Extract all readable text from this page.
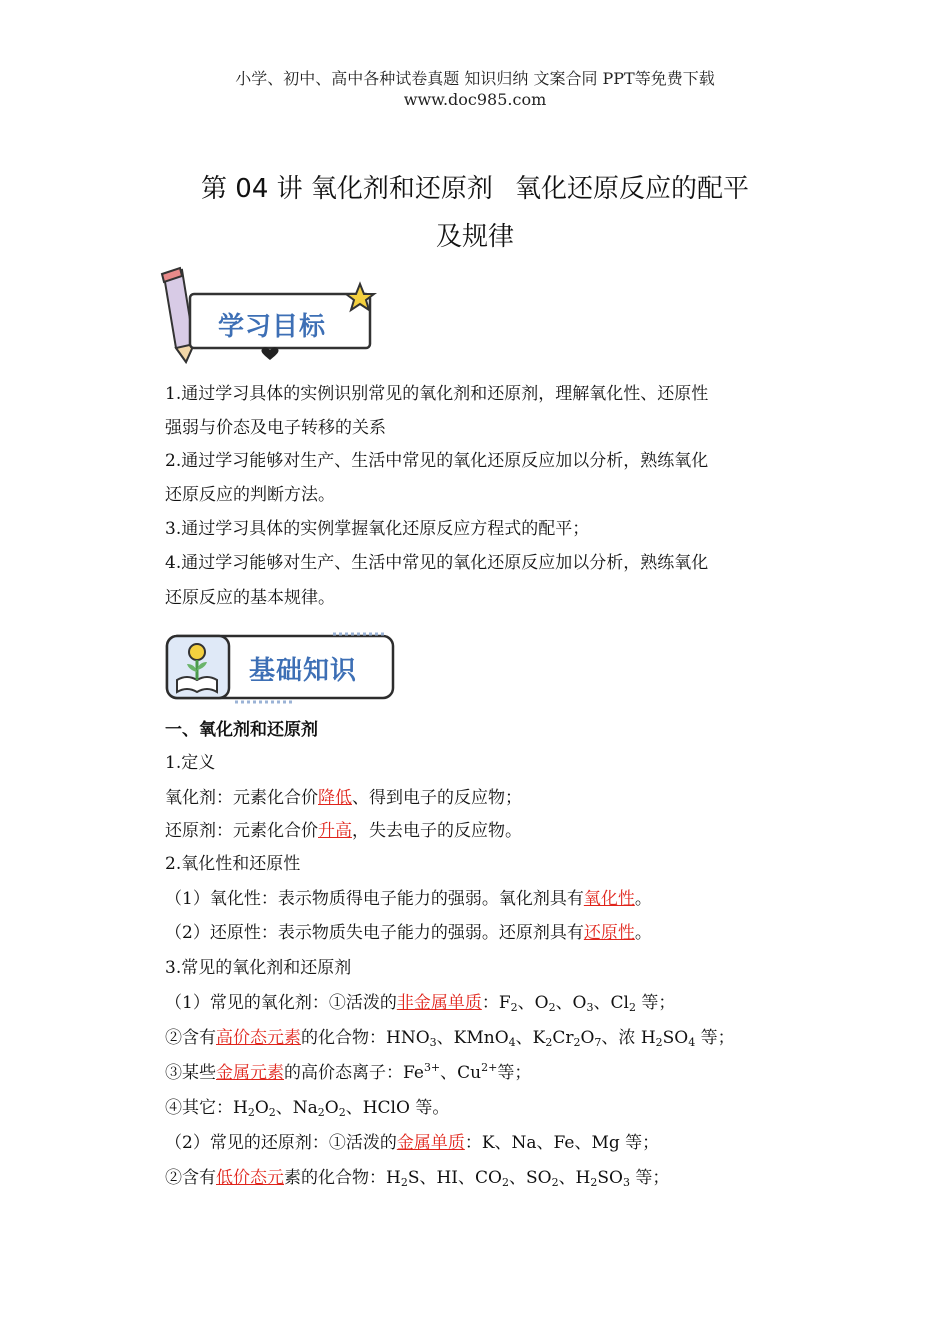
小学、初中、高中各种试卷真题 知识归纳 文案合同 PPT等免费下载
www.doc985.com
第 04 讲 氧化剂和还原剂 氧化还原反应的配平
及规律
学习目标
1.通过学习具体的实例识别常见的氧化剂和还原剂，理解氧化性、还原性
强弱与价态及电子转移的关系
2.通过学习能够对生产、生活中常见的氧化还原反应加以分析，熟练氧化
还原反应的判断方法。
3.通过学习具体的实例掌握氧化还原反应方程式的配平；
4.通过学习能够对生产、生活中常见的氧化还原反应加以分析，熟练氧化
还原反应的基本规律。
基础知识
一、氧化剂和还原剂
1.定义
氧化剂：元素化合价降低、得到电子的反应物；
还原剂：元素化合价升高，失去电子的反应物。
2.氧化性和还原性
（1）氧化性：表示物质得电子能力的强弱。氧化剂具有氧化性。
（2）还原性：表示物质失电子能力的强弱。还原剂具有还原性。
3.常见的氧化剂和还原剂
（1）常见的氧化剂：①活泼的非金属单质：$F_2$、$O_2$、$O_3$、$Cl_2$ 等；
②含有高价态元素的化合物：$HNO_3$、KMnO$_4$、$K_2Cr_2O_7$、浓 $H_2SO_4$ 等；
③某些金属元素的高价态离子：$Fe^{3+}$、$Cu^{2+}$等；
④其它：$H_2O_2$、$Na_2O_2$、HClO 等。
（2）常见的还原剂：①活泼的金属单质：K、Na、Fe、Mg 等；
②含有低价态元素的化合物：$H_2S$、HI、$CO_2$、$SO_2$、$H_2SO_3$ 等；
